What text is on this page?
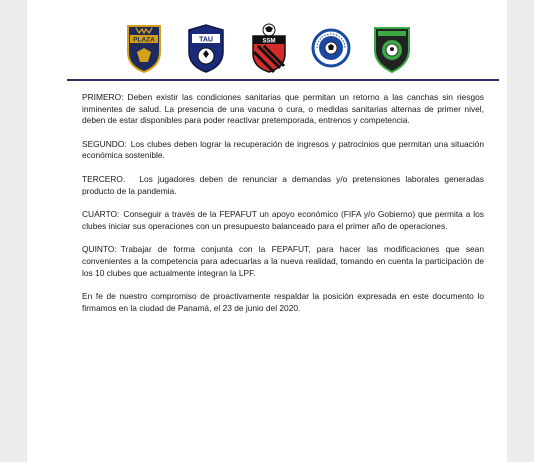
PLAZA	TAU	SSM

PRIMERO: Deben existir las condiciones sanitarias que permitan un retorno a las canchas sin riesgos inminentes de salud. La presencia de una vacuna o cura, o medidas sanitarias alternas de primer nivel, deben de estar disponibles para poder reactivar pretemporada, entrenos y competencia.

SEGUNDO: Los clubes deben lograr la recuperación de ingresos y patrocinios que permitan una situación económica sostenible.

TERCERO. Los jugadores deben de renunciar a demandas y/o pretensiones laborales generadas producto de la pandemia.

CUARTO: Conseguir a través de la FEPAFUT un apoyo económico (FIFA y/o Gobierno) que permita a los clubes iniciar sus operaciones con un presupuesto balanceado para el primer año de operaciones.

QUINTO: Trabajar de forma conjunta con la FEPAFUT, para hacer las modificaciones que sean convenientes a la competencia para adecuarlas a la nueva realidad, tomando en cuenta la participación de los 10 clubes que actualmente integran la LPF.

En fe de nuestro compromiso de proactivamente respaldar la posición expresada en este documento lo firmamos en la ciudad de Panamá, el 23 de junio del 2020.
